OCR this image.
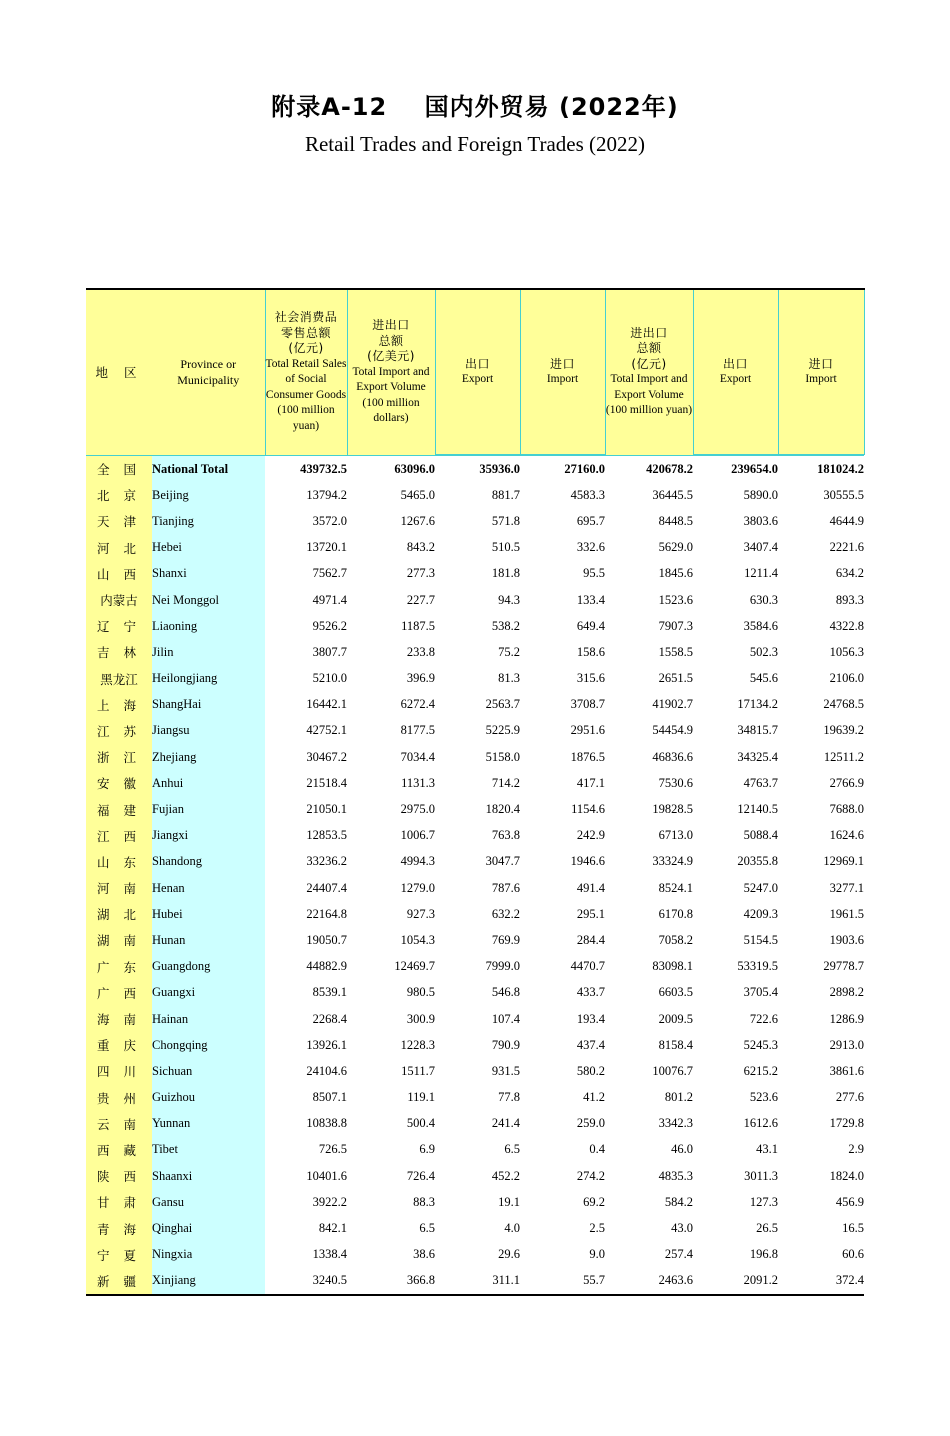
附录A-12    国内外贸易 (2022年)
Retail Trades and Foreign Trades (2022)
地 区

Province or
Municipality

社会消费品
零售总额
(亿元)
Total Retail Sales of Social Consumer Goods (100 million yuan)

进出口
总额
(亿美元)
Total Import and Export Volume (100 million dollars)

出口
Export

进口
Import

进出口
总额
(亿元)
Total Import and Export Volume (100 million yuan)

出口
Export

进口
Import

全 国	National Total	439732.5	63096.0	35936.0	27160.0	420678.2	239654.0	181024.2
北 京	Beijing	13794.2	5465.0	881.7	4583.3	36445.5	5890.0	30555.5
天 津	Tianjing	3572.0	1267.6	571.8	695.7	8448.5	3803.6	4644.9
河 北	Hebei	13720.1	843.2	510.5	332.6	5629.0	3407.4	2221.6
山 西	Shanxi	7562.7	277.3	181.8	95.5	1845.6	1211.4	634.2
内蒙古	Nei Monggol	4971.4	227.7	94.3	133.4	1523.6	630.3	893.3
辽 宁	Liaoning	9526.2	1187.5	538.2	649.4	7907.3	3584.6	4322.8
吉 林	Jilin	3807.7	233.8	75.2	158.6	1558.5	502.3	1056.3
黑龙江	Heilongjiang	5210.0	396.9	81.3	315.6	2651.5	545.6	2106.0
上 海	ShangHai	16442.1	6272.4	2563.7	3708.7	41902.7	17134.2	24768.5
江 苏	Jiangsu	42752.1	8177.5	5225.9	2951.6	54454.9	34815.7	19639.2
浙 江	Zhejiang	30467.2	7034.4	5158.0	1876.5	46836.6	34325.4	12511.2
安 徽	Anhui	21518.4	1131.3	714.2	417.1	7530.6	4763.7	2766.9
福 建	Fujian	21050.1	2975.0	1820.4	1154.6	19828.5	12140.5	7688.0
江 西	Jiangxi	12853.5	1006.7	763.8	242.9	6713.0	5088.4	1624.6
山 东	Shandong	33236.2	4994.3	3047.7	1946.6	33324.9	20355.8	12969.1
河 南	Henan	24407.4	1279.0	787.6	491.4	8524.1	5247.0	3277.1
湖 北	Hubei	22164.8	927.3	632.2	295.1	6170.8	4209.3	1961.5
湖 南	Hunan	19050.7	1054.3	769.9	284.4	7058.2	5154.5	1903.6
广 东	Guangdong	44882.9	12469.7	7999.0	4470.7	83098.1	53319.5	29778.7
广 西	Guangxi	8539.1	980.5	546.8	433.7	6603.5	3705.4	2898.2
海 南	Hainan	2268.4	300.9	107.4	193.4	2009.5	722.6	1286.9
重 庆	Chongqing	13926.1	1228.3	790.9	437.4	8158.4	5245.3	2913.0
四 川	Sichuan	24104.6	1511.7	931.5	580.2	10076.7	6215.2	3861.6
贵 州	Guizhou	8507.1	119.1	77.8	41.2	801.2	523.6	277.6
云 南	Yunnan	10838.8	500.4	241.4	259.0	3342.3	1612.6	1729.8
西 藏	Tibet	726.5	6.9	6.5	0.4	46.0	43.1	2.9
陕 西	Shaanxi	10401.6	726.4	452.2	274.2	4835.3	3011.3	1824.0
甘 肃	Gansu	3922.2	88.3	19.1	69.2	584.2	127.3	456.9
青 海	Qinghai	842.1	6.5	4.0	2.5	43.0	26.5	16.5
宁 夏	Ningxia	1338.4	38.6	29.6	9.0	257.4	196.8	60.6
新 疆	Xinjiang	3240.5	366.8	311.1	55.7	2463.6	2091.2	372.4
